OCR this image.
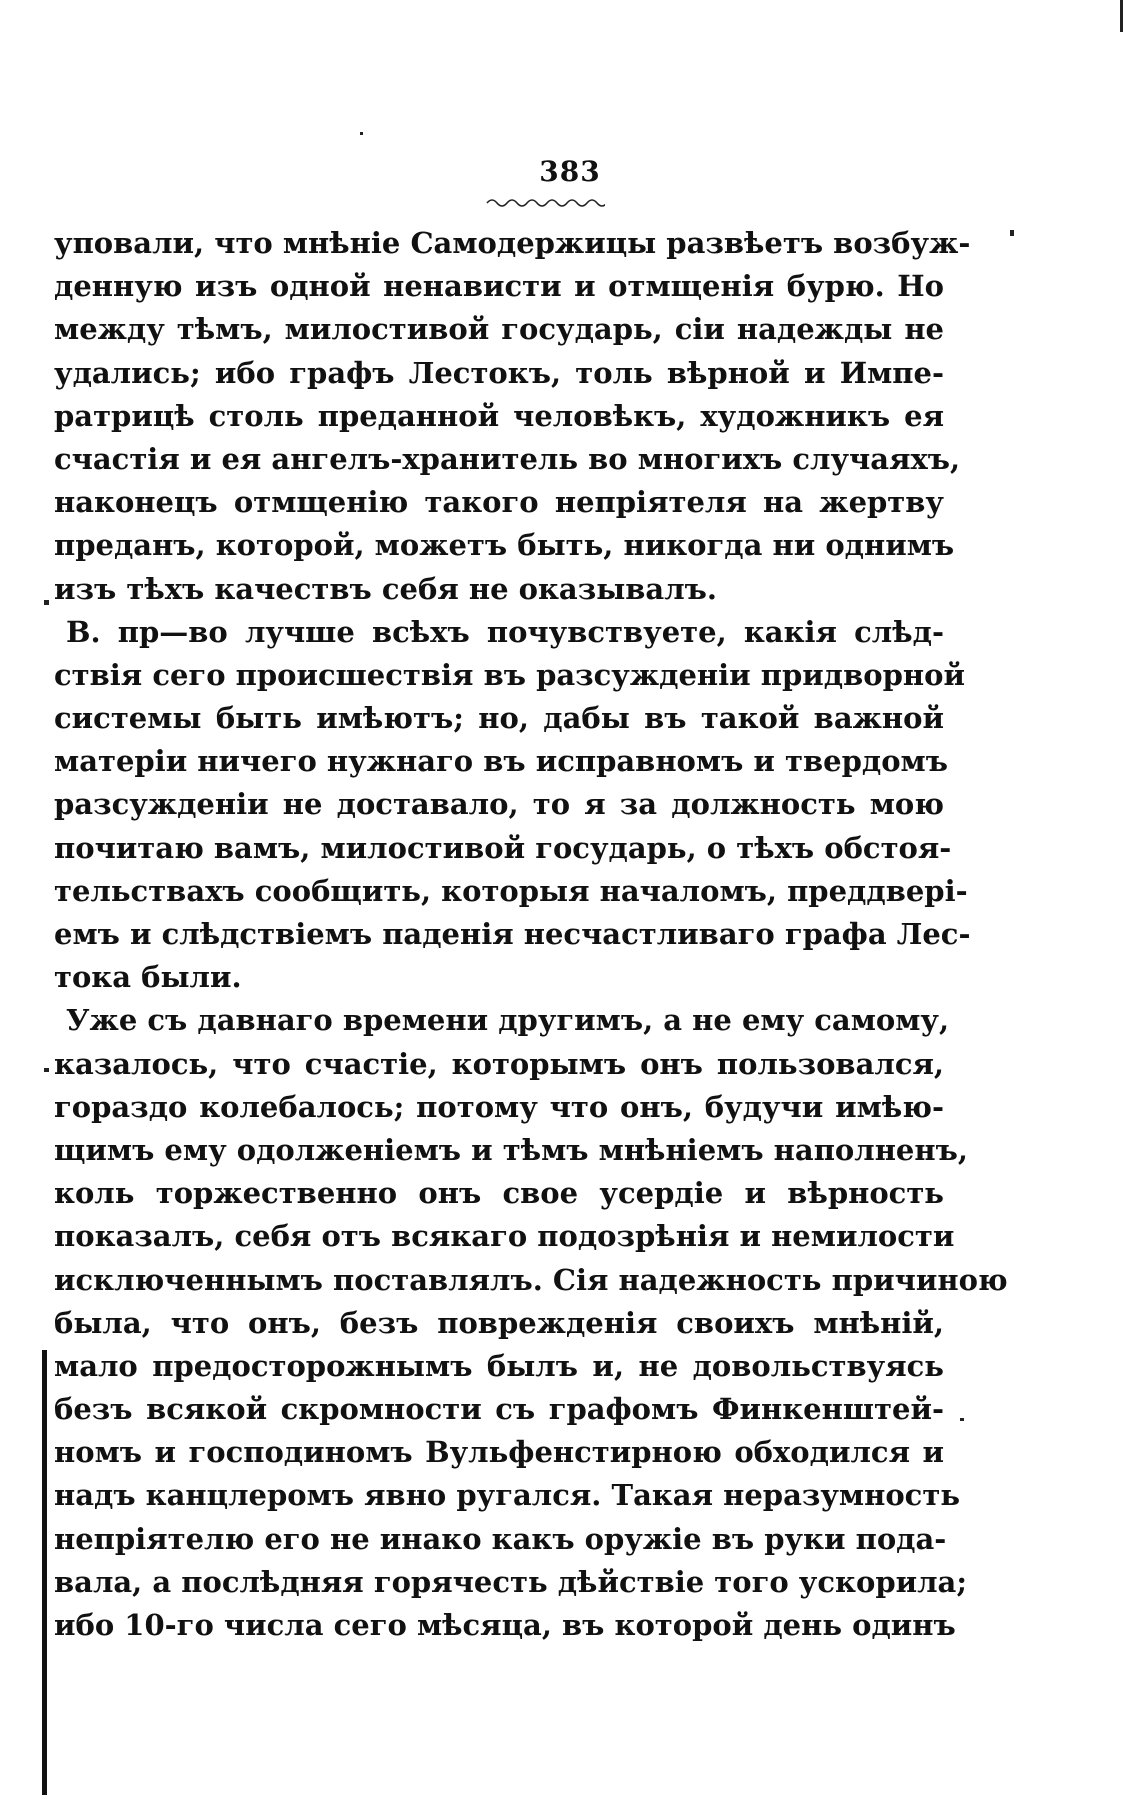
383
уповали, что мнѣніе Самодержицы развѣетъ возбуж-
денную изъ одной ненависти и отмщенія бурю. Но
между тѣмъ, милостивой государь, сіи надежды не
удались; ибо графъ Лестокъ, толь вѣрной и Импе-
ратрицѣ столь преданной человѣкъ, художникъ ея
счастія и ея ангелъ-хранитель во многихъ случаяхъ,
наконецъ отмщенію такого непріятеля на жертву
преданъ, которой, можетъ быть, никогда ни однимъ
изъ тѣхъ качествъ себя не оказывалъ.
В. пр—во лучше всѣхъ почувствуете, какія слѣд-
ствія сего происшествія въ разсужденіи придворной
системы быть имѣютъ; но, дабы въ такой важной
матеріи ничего нужнаго въ исправномъ и твердомъ
разсужденіи не доставало, то я за должность мою
почитаю вамъ, милостивой государь, о тѣхъ обстоя-
тельствахъ сообщить, которыя началомъ, преддверi-
емъ и слѣдствіемъ паденія несчастливаго графа Лес-
тока были.
Уже съ давнаго времени другимъ, а не ему самому,
казалось, что счастіе, которымъ онъ пользовался,
гораздо колебалось; потому что онъ, будучи имѣю-
щимъ ему одолженіемъ и тѣмъ мнѣніемъ наполненъ,
коль торжественно онъ свое усердіе и вѣрность
показалъ, себя отъ всякаго подозрѣнія и немилости
исключеннымъ поставлялъ. Сія надежность причиною
была, что онъ, безъ поврежденія своихъ мнѣній,
мало предосторожнымъ былъ и, не довольствуясь
безъ всякой скромности съ графомъ Финкенштей-
номъ и господиномъ Вульфенстирною обходился и
надъ канцлеромъ явно ругался. Такая неразумность
непріятелю его не инако какъ оружіе въ руки пода-
вала, а послѣдняя горячесть дѣйствіе того ускорила;
ибо 10-го числа сего мѣсяца, въ которой день одинъ
